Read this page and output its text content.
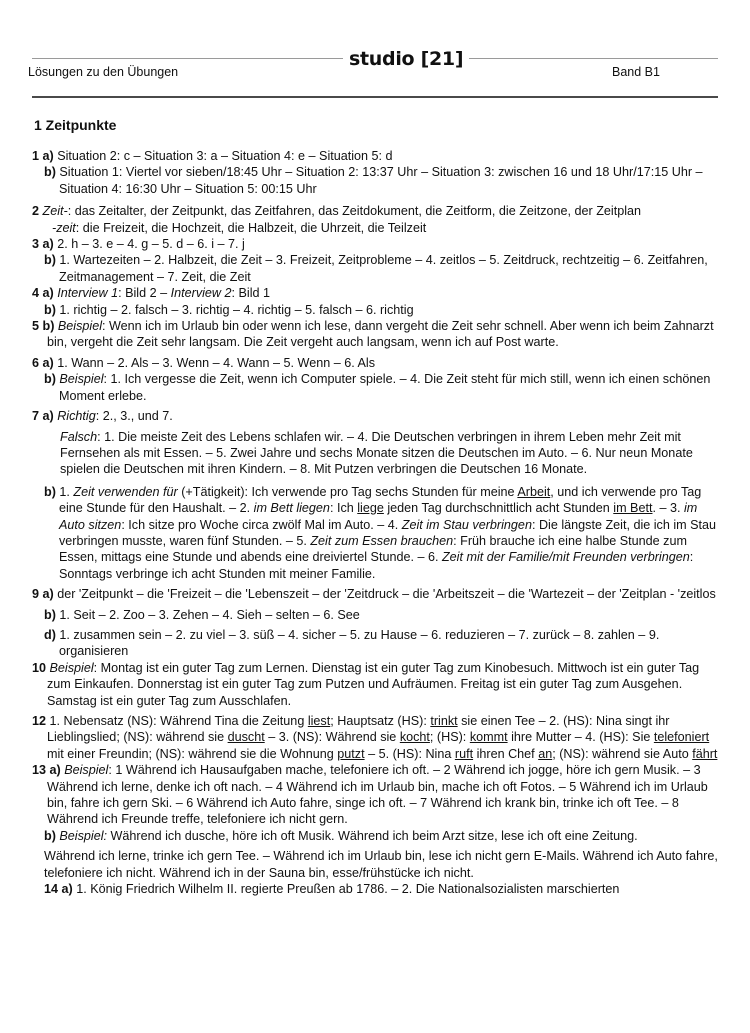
studio [21]
Lösungen zu den Übungen	Band B1
1 Zeitpunkte

1 a) Situation 2: c – Situation 3: a – Situation 4: e – Situation 5: d

b) Situation 1: Viertel vor sieben/18:45 Uhr – Situation 2: 13:37 Uhr – Situation 3: zwischen 16 und 18 Uhr/17:15 Uhr – Situation 4: 16:30 Uhr – Situation 5: 00:15 Uhr

2 Zeit-: das Zeitalter, der Zeitpunkt, das Zeitfahren, das Zeitdokument, die Zeitform, die Zeitzone, der Zeitplan

-zeit: die Freizeit, die Hochzeit, die Halbzeit, die Uhrzeit, die Teilzeit

3 a) 2. h – 3. e – 4. g – 5. d – 6. i – 7. j

b) 1. Wartezeiten – 2. Halbzeit, die Zeit – 3. Freizeit, Zeitprobleme – 4. zeitlos – 5. Zeitdruck, rechtzeitig – 6. Zeitfahren, Zeitmanagement – 7. Zeit, die Zeit

4 a) Interview 1: Bild 2 – Interview 2: Bild 1

b) 1. richtig – 2. falsch – 3. richtig – 4. richtig – 5. falsch – 6. richtig

5 b) Beispiel: Wenn ich im Urlaub bin oder wenn ich lese, dann vergeht die Zeit sehr schnell. Aber wenn ich beim Zahnarzt bin, vergeht die Zeit sehr langsam. Die Zeit vergeht auch langsam, wenn ich auf Post warte.

6 a) 1. Wann – 2. Als – 3. Wenn – 4. Wann – 5. Wenn – 6. Als

b) Beispiel: 1. Ich vergesse die Zeit, wenn ich Computer spiele. – 4. Die Zeit steht für mich still, wenn ich einen schönen Moment erlebe.

7 a) Richtig: 2., 3., und 7.

Falsch: 1. Die meiste Zeit des Lebens schlafen wir. – 4. Die Deutschen verbringen in ihrem Leben mehr Zeit mit Fernsehen als mit Essen. – 5. Zwei Jahre und sechs Monate sitzen die Deutschen im Auto. – 6. Nur neun Monate spielen die Deutschen mit ihren Kindern. – 8. Mit Putzen verbringen die Deutschen 16 Monate.

b) 1. Zeit verwenden für (+Tätigkeit): Ich verwende pro Tag sechs Stunden für meine Arbeit, und ich verwende pro Tag eine Stunde für den Haushalt. – 2. im Bett liegen: Ich liege jeden Tag durchschnittlich acht Stunden im Bett. – 3. im Auto sitzen: Ich sitze pro Woche circa zwölf Mal im Auto. – 4. Zeit im Stau verbringen: Die längste Zeit, die ich im Stau verbringen musste, waren fünf Stunden. – 5. Zeit zum Essen brauchen: Früh brauche ich eine halbe Stunde zum Essen, mittags eine Stunde und abends eine dreiviertel Stunde. – 6. Zeit mit der Familie/mit Freunden verbringen: Sonntags verbringe ich acht Stunden mit meiner Familie.

9 a) der 'Zeitpunkt – die 'Freizeit – die 'Lebenszeit – der 'Zeitdruck – die 'Arbeitszeit – die 'Wartezeit – der 'Zeitplan - 'zeitlos

b) 1. Seit – 2. Zoo – 3. Zehen – 4. Sieh – selten – 6. See

d) 1. zusammen sein – 2. zu viel – 3. süß – 4. sicher – 5. zu Hause – 6. reduzieren – 7. zurück – 8. zahlen – 9. organisieren

10 Beispiel: Montag ist ein guter Tag zum Lernen. Dienstag ist ein guter Tag zum Kinobesuch. Mittwoch ist ein guter Tag zum Einkaufen. Donnerstag ist ein guter Tag zum Putzen und Aufräumen. Freitag ist ein guter Tag zum Ausgehen. Samstag ist ein guter Tag zum Ausschlafen.

12 1. Nebensatz (NS): Während Tina die Zeitung liest; Hauptsatz (HS): trinkt sie einen Tee – 2. (HS): Nina singt ihr Lieblingslied; (NS): während sie duscht – 3. (NS): Während sie kocht; (HS): kommt ihre Mutter – 4. (HS): Sie telefoniert mit einer Freundin; (NS): während sie die Wohnung putzt – 5. (HS): Nina ruft ihren Chef an; (NS): während sie Auto fährt

13 a) Beispiel: 1 Während ich Hausaufgaben mache, telefoniere ich oft. – 2 Während ich jogge, höre ich gern Musik. – 3 Während ich lerne, denke ich oft nach. – 4 Während ich im Urlaub bin, mache ich oft Fotos. – 5 Während ich im Urlaub bin, fahre ich gern Ski. – 6 Während ich Auto fahre, singe ich oft. – 7 Während ich krank bin, trinke ich oft Tee. – 8 Während ich Freunde treffe, telefoniere ich nicht gern.

b) Beispiel: Während ich dusche, höre ich oft Musik. Während ich beim Arzt sitze, lese ich oft eine Zeitung.

Während ich lerne, trinke ich gern Tee. – Während ich im Urlaub bin, lese ich nicht gern E-Mails. Während ich Auto fahre, telefoniere ich nicht. Während ich in der Sauna bin, esse/frühstücke ich nicht.

14 a) 1. König Friedrich Wilhelm II. regierte Preußen ab 1786. – 2. Die Nationalsozialisten marschierten
